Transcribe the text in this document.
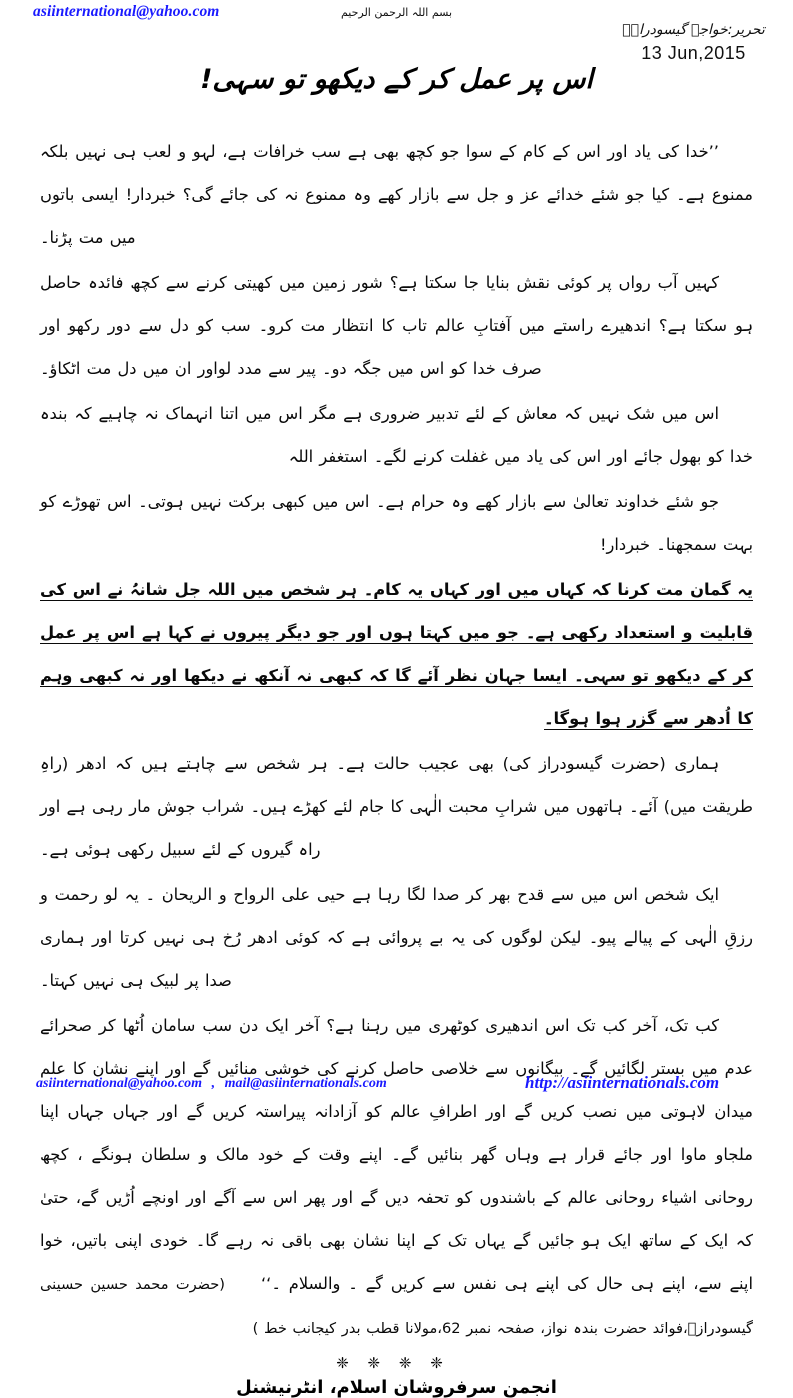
asiinternational@yahoo.com	بسم اللہ الرحمن الرحیم
تحریر:خواجہ گیسودرازؒ
13 Jun,2015
اس پر عمل کر کے دیکھو تو سہی!

’’خدا کی یاد اور اس کے کام کے سوا جو کچھ بھی ہے سب خرافات ہے، لہو و لعب ہی نہیں بلکہ ممنوع ہے۔ کیا جو شئے خدائے عز و جل سے بازار کھے وہ ممنوع نہ کی جائے گی؟ خبردار! ایسی باتوں میں مت پڑنا۔

کہیں آب رواں پر کوئی نقش بنایا جا سکتا ہے؟ شور زمین میں کھیتی کرنے سے کچھ فائدہ حاصل ہو سکتا ہے؟ اندھیرے راستے میں آفتابِ عالم تاب کا انتظار مت کرو۔ سب کو دل سے دور رکھو اور صرف خدا کو اس میں جگہ دو۔ پیر سے مدد لواور ان میں دل مت اٹکاؤ۔

اس میں شک نہیں کہ معاش کے لئے تدبیر ضروری ہے مگر اس میں اتنا انہماک نہ چاہیے کہ بندہ خدا کو بھول جائے اور اس کی یاد میں غفلت کرنے لگے۔ استغفر اللہ

جو شئے خداوند تعالیٰ سے بازار کھے وہ حرام ہے۔ اس میں کبھی برکت نہیں ہوتی۔ اس تھوڑے کو بہت سمجھنا۔ خبردار!

یہ گمان مت کرنا کہ کہاں میں اور کہاں یہ کام۔ ہر شخص میں اللہ جل شانہُ نے اس کی قابلیت و استعداد رکھی ہے۔ جو میں کہتا ہوں اور جو دیگر پیروں نے کہا ہے اس پر عمل کر کے دیکھو تو سہی۔ ایسا جہان نظر آئے گا کہ کبھی نہ آنکھ نے دیکھا اور نہ کبھی وہم کا اُدھر سے گزر ہوا ہوگا۔

ہماری (حضرت گیسودراز کی) بھی عجیب حالت ہے۔ ہر شخص سے چاہتے ہیں کہ ادھر (راہِ طریقت میں) آئے۔ ہاتھوں میں شرابِ محبت الٰہی کا جام لئے کھڑے ہیں۔ شراب جوش مار رہی ہے اور راہ گیروں کے لئے سبیل رکھی ہوئی ہے۔

ایک شخص اس میں سے قدح بھر کر صدا لگا رہا ہے حیی علی الرواح و الریحان ۔ یہ لو رحمت و رزقِ الٰہی کے پیالے پیو۔ لیکن لوگوں کی یہ بے پروائی ہے کہ کوئی ادھر رُخ ہی نہیں کرتا اور ہماری صدا پر لبیک ہی نہیں کہتا۔

کب تک، آخر کب تک اس اندھیری کوٹھری میں رہنا ہے؟ آخر ایک دن سب سامان اُٹھا کر صحرائے عدم میں بستر لگائیں گے۔ بیگانوں سے خلاصی حاصل کرنے کی خوشی منائیں گے اور اپنے نشان کا علم میدان لاہوتی میں نصب کریں گے اور اطرافِ عالم کو آزادانہ پیراستہ کریں گے اور جہاں جہاں اپنا ملجاو ماوا اور جائے قرار ہے وہاں گھر بنائیں گے۔ اپنے وقت کے خود مالک و سلطان ہونگے ، کچھ روحانی اشیاء روحانی عالم کے باشندوں کو تحفہ دیں گے اور پھر اس سے آگے اور اونچے اُڑیں گے، حتیٰ کہ ایک کے ساتھ ایک ہو جائیں گے یہاں تک کے اپنا نشان بھی باقی نہ رہے گا۔ خودی اپنی باتیں، خوا اپنے سے، اپنے ہی حال کی اپنے ہی نفس سے کریں گے ۔ والسلام ۔‘‘(حضرت محمد حسین حسینی گیسودرازؒ،فوائد حضرت بندہ نواز، صفحہ نمبر 62،مولانا قطب بدر کیجانب خط )

❈ ❈ ❈ ❈
انجمن سرفروشان اسلام، انٹرنیشنل
asiinternational@yahoo.com , mail@asiinternationals.com	http://asiinternationals.com
